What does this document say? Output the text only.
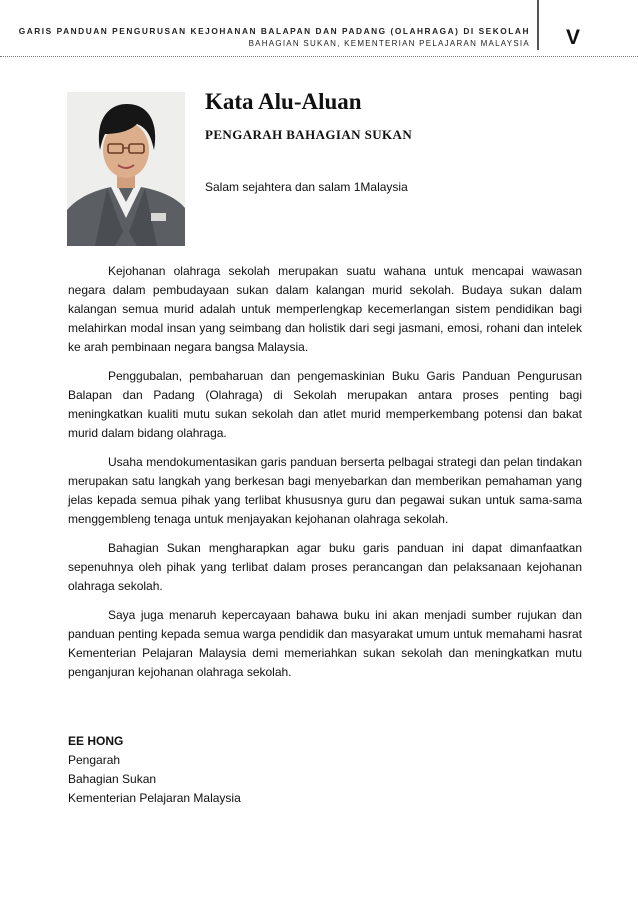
GARIS PANDUAN PENGURUSAN KEJOHANAN BALAPAN DAN PADANG (OLAHRAGA) DI SEKOLAH
BAHAGIAN SUKAN, KEMENTERIAN PELAJARAN MALAYSIA V
Kata Alu-Aluan
PENGARAH BAHAGIAN SUKAN
Salam sejahtera dan salam 1Malaysia

Kejohanan olahraga sekolah merupakan suatu wahana untuk mencapai wawasan negara dalam pembudayaan sukan dalam kalangan murid sekolah. Budaya sukan dalam kalangan semua murid adalah untuk memperlengkap kecemerlangan sistem pendidikan bagi melahirkan modal insan yang seimbang dan holistik dari segi jasmani, emosi, rohani dan intelek ke arah pembinaan negara bangsa Malaysia.

Penggubalan, pembaharuan dan pengemaskinian Buku Garis Panduan Pengurusan Balapan dan Padang (Olahraga) di Sekolah merupakan antara proses penting bagi meningkatkan kualiti mutu sukan sekolah dan atlet murid memperkembang potensi dan bakat murid dalam bidang olahraga.

Usaha mendokumentasikan garis panduan berserta pelbagai strategi dan pelan tindakan merupakan satu langkah yang berkesan bagi menyebarkan dan memberikan pemahaman yang jelas kepada semua pihak yang terlibat khususnya guru dan pegawai sukan untuk sama-sama menggembleng tenaga untuk menjayakan kejohanan olahraga sekolah.

Bahagian Sukan mengharapkan agar buku garis panduan ini dapat dimanfaatkan sepenuhnya oleh pihak yang terlibat dalam proses perancangan dan pelaksanaan kejohanan olahraga sekolah.

Saya juga menaruh kepercayaan bahawa buku ini akan menjadi sumber rujukan dan panduan penting kepada semua warga pendidik dan masyarakat umum untuk memahami hasrat Kementerian Pelajaran Malaysia demi memeriahkan sukan sekolah dan meningkatkan mutu penganjuran kejohanan olahraga sekolah.

EE HONG
Pengarah
Bahagian Sukan
Kementerian Pelajaran Malaysia
